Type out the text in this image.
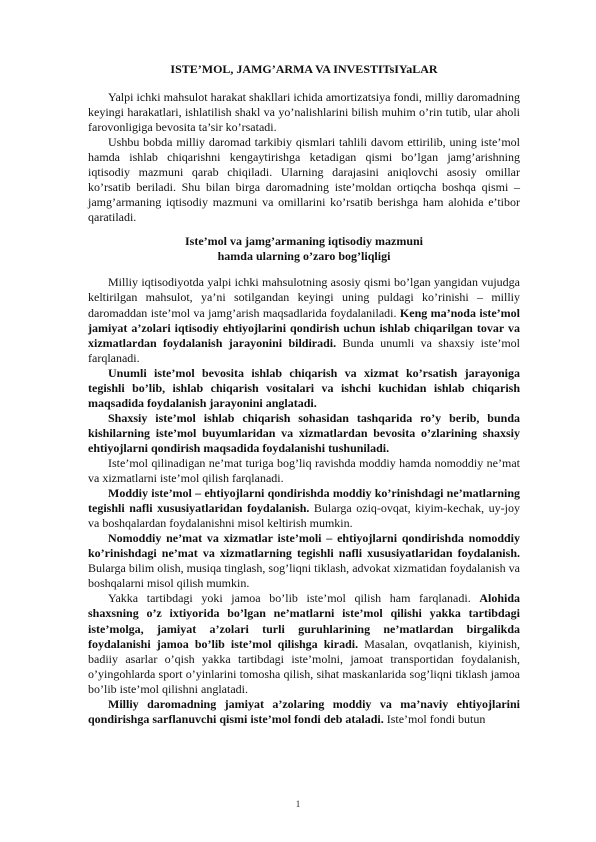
ISTE’MOL, JAMG’ARMA VA INVESTITsIYaLAR

Yalpi ichki mahsulot harakat shakllari ichida amortizatsiya fondi, milliy daromadning keyingi harakatlari, ishlatilish shakl va yo’nalishlarini bilish muhim o’rin tutib, ular aholi farovonligiga bevosita ta’sir ko’rsatadi.

Ushbu bobda milliy daromad tarkibiy qismlari tahlili davom ettirilib, uning iste’mol hamda ishlab chiqarishni kengaytirishga ketadigan qismi bo’lgan jamg’arishning iqtisodiy mazmuni qarab chiqiladi. Ularning darajasini aniqlovchi asosiy omillar ko’rsatib beriladi. Shu bilan birga daromadning iste’moldan ortiqcha boshqa qismi – jamg’armaning iqtisodiy mazmuni va omillarini ko’rsatib berishga ham alohida e’tibor qaratiladi.

Iste’mol va jamg’armaning iqtisodiy mazmuni
hamda ularning o’zaro bog’liqligi

Milliy iqtisodiyotda yalpi ichki mahsulotning asosiy qismi bo’lgan yangidan vujudga keltirilgan mahsulot, ya’ni sotilgandan keyingi uning puldagi ko’rinishi – milliy daromaddan iste’mol va jamg’arish maqsadlarida foydalaniladi. Keng ma’noda iste’mol jamiyat a’zolari iqtisodiy ehtiyojlarini qondirish uchun ishlab chiqarilgan tovar va xizmatlardan foydalanish jarayonini bildiradi. Bunda unumli va shaxsiy iste’mol farqlanadi.

Unumli iste’mol bevosita ishlab chiqarish va xizmat ko’rsatish jarayoniga tegishli bo’lib, ishlab chiqarish vositalari va ishchi kuchidan ishlab chiqarish maqsadida foydalanish jarayonini anglatadi.

Shaxsiy iste’mol ishlab chiqarish sohasidan tashqarida ro’y berib, bunda kishilarning iste’mol buyumlaridan va xizmatlardan bevosita o’zlarining shaxsiy ehtiyojlarni qondirish maqsadida foydalanishi tushuniladi.

Iste’mol qilinadigan ne’mat turiga bog’liq ravishda moddiy hamda nomoddiy ne’mat va xizmatlarni iste’mol qilish farqlanadi.

Moddiy iste’mol – ehtiyojlarni qondirishda moddiy ko’rinishdagi ne’matlarning tegishli nafli xususiyatlaridan foydalanish. Bularga oziq-ovqat, kiyim-kechak, uy-joy va boshqalardan foydalanishni misol keltirish mumkin.

Nomoddiy ne’mat va xizmatlar iste’moli – ehtiyojlarni qondirishda nomoddiy ko’rinishdagi ne’mat va xizmatlarning tegishli nafli xususiyatlaridan foydalanish. Bularga bilim olish, musiqa tinglash, sog’liqni tiklash, advokat xizmatidan foydalanish va boshqalarni misol qilish mumkin.

Yakka tartibdagi yoki jamoa bo’lib iste’mol qilish ham farqlanadi. Alohida shaxsning o’z ixtiyorida bo’lgan ne’matlarni iste’mol qilishi yakka tartibdagi iste’molga, jamiyat a’zolari turli guruhlarining ne’matlardan birgalikda foydalanishi jamoa bo’lib iste’mol qilishga kiradi. Masalan, ovqatlanish, kiyinish, badiiy asarlar o’qish yakka tartibdagi iste’molni, jamoat transportidan foydalanish, o’yingohlarda sport o’yinlarini tomosha qilish, sihat maskanlarida sog’liqni tiklash jamoa bo’lib iste’mol qilishni anglatadi.

Milliy daromadning jamiyat a’zolaring moddiy va ma’naviy ehtiyojlarini qondirishga sarflanuvchi qismi iste’mol fondi deb ataladi. Iste’mol fondi butun

1
